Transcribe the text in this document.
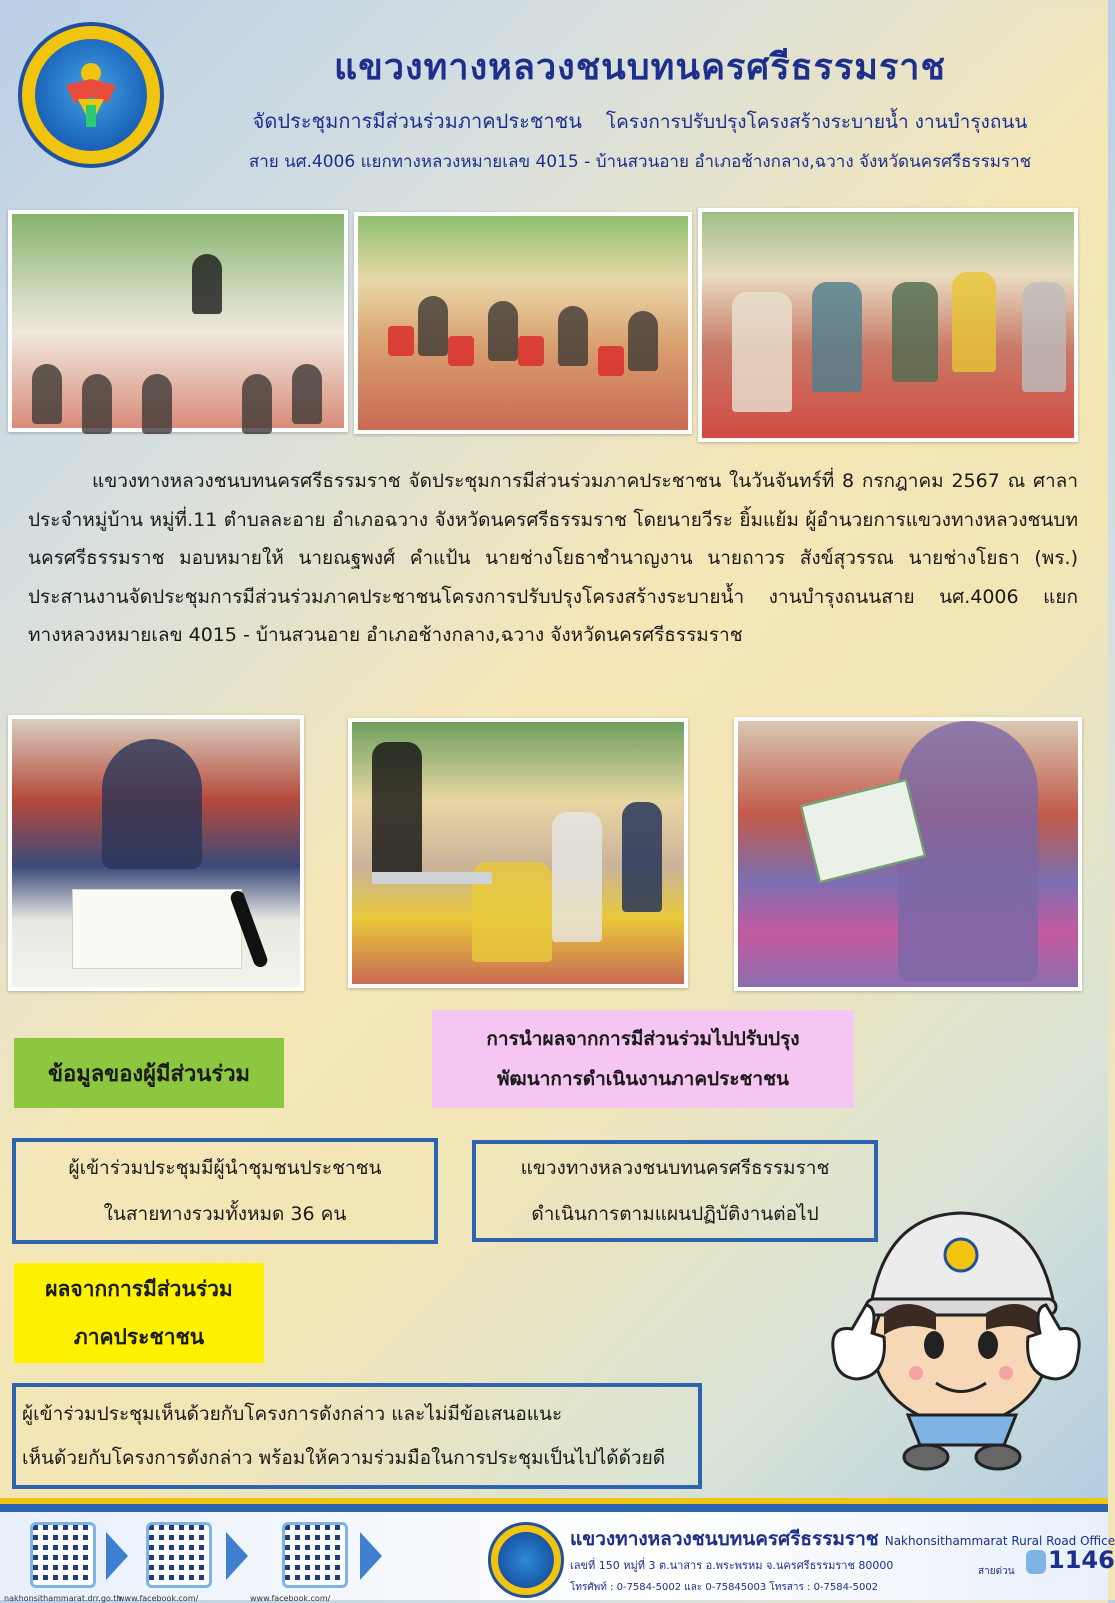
แขวงทางหลวงชนบทนครศรีธรรมราช
จัดประชุมการมีส่วนร่วมภาคประชาชน โครงการปรับปรุงโครงสร้างระบายน้ำ งานบำรุงถนน
สาย นศ.4006 แยกทางหลวงหมายเลข 4015 - บ้านสวนอาย อำเภอช้างกลาง,ฉวาง จังหวัดนครศรีธรรมราช
แขวงทางหลวงชนบทนครศรีธรรมราช จัดประชุมการมีส่วนร่วมภาคประชาชน ในวันจันทร์ที่ 8 กรกฎาคม 2567 ณ ศาลาประจำหมู่บ้าน หมู่ที่.11 ตำบลละอาย อำเภอฉวาง จังหวัดนครศรีธรรมราช โดยนายวีระ ยิ้มแย้ม ผู้อำนวยการแขวงทางหลวงชนบทนครศรีธรรมราช มอบหมายให้ นายณฐพงศ์ คำแป้น นายช่างโยธาชำนาญงาน นายถาวร สังข์สุวรรณ นายช่างโยธา (พร.) ประสานงานจัดประชุมการมีส่วนร่วมภาคประชาชนโครงการปรับปรุงโครงสร้างระบายน้ำ งานบำรุงถนนสาย นศ.4006 แยกทางหลวงหมายเลข 4015 - บ้านสวนอาย อำเภอช้างกลาง,ฉวาง จังหวัดนครศรีธรรมราช
ข้อมูลของผู้มีส่วนร่วม
ผู้เข้าร่วมประชุมมีผู้นำชุมชนประชาชน
ในสายทางรวมทั้งหมด 36 คน
การนำผลจากการมีส่วนร่วมไปปรับปรุง
พัฒนาการดำเนินงานภาคประชาชน
แขวงทางหลวงชนบทนครศรีธรรมราช
ดำเนินการตามแผนปฏิบัติงานต่อไป
ผลจากการมีส่วนร่วม
ภาคประชาชน
ผู้เข้าร่วมประชุมเห็นด้วยกับโครงการดังกล่าว และไม่มีข้อเสนอแนะ
เห็นด้วยกับโครงการดังกล่าว พร้อมให้ความร่วมมือในการประชุมเป็นไปได้ด้วยดี
nakhonsithammarat.drr.go.th
www.facebook.com/	www.facebook.com/
แขวงทางหลวงชนบทนครศรีธรรมราช Nakhonsithammarat Rural Road Office
เลขที่ 150 หมู่ที่ 3 ต.นาสาร อ.พระพรหม จ.นครศรีธรรมราช 80000
โทรศัพท์ : 0-7584-5002 และ 0-75845003 โทรสาร : 0-7584-5002
สายด่วน 1146
